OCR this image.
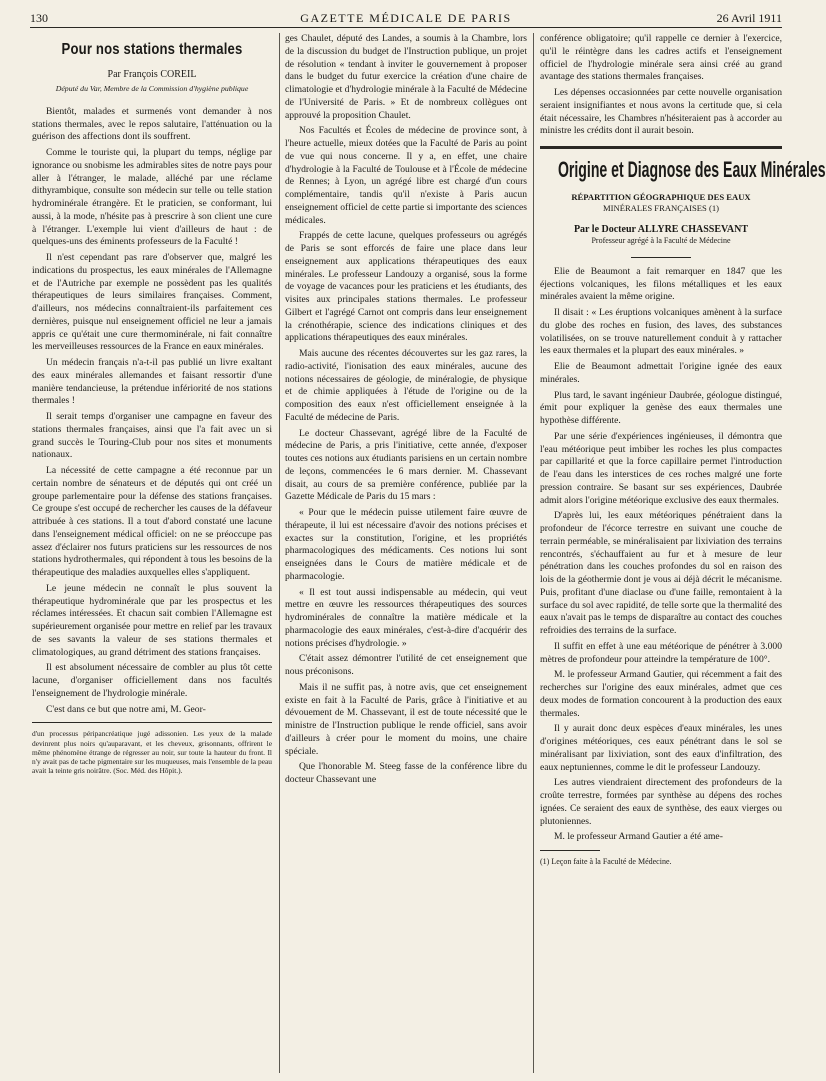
130	GAZETTE MÉDICALE DE PARIS	26 Avril 1911
Pour nos stations thermales
Par François COREIL
Député du Var, Membre de la Commission d'hygiène publique

Bientôt, malades et surmenés vont demander à nos stations thermales, avec le repos salutaire, l'atténuation ou la guérison des affections dont ils souffrent.

Comme le touriste qui, la plupart du temps, néglige par ignorance ou snobisme les admirables sites de notre pays pour aller à l'étranger, le malade, alléché par une réclame dithyrambique, consulte son médecin sur telle ou telle station hydrominérale étrangère. Et le praticien, se conformant, lui aussi, à la mode, n'hésite pas à prescrire à son client une cure à l'étranger. L'exemple lui vient d'ailleurs de haut : de quelques-uns des éminents professeurs de la Faculté !

Il n'est cependant pas rare d'observer que, malgré les indications du prospectus, les eaux minérales de l'Allemagne et de l'Autriche par exemple ne possèdent pas les qualités thérapeutiques de leurs similaires françaises. Comment, d'ailleurs, nos médecins connaîtraient-ils parfaitement ces dernières, puisque nul enseignement officiel ne leur a jamais appris ce qu'était une cure thermominérale, ni fait connaître les merveilleuses ressources de la France en eaux minérales.

Un médecin français n'a-t-il pas publié un livre exaltant des eaux minérales allemandes et faisant ressortir d'une manière tendancieuse, la prétendue infériorité de nos stations thermales !

Il serait temps d'organiser une campagne en faveur des stations thermales françaises, ainsi que l'a fait avec un si grand succès le Touring-Club pour nos sites et monuments nationaux.

La nécessité de cette campagne a été reconnue par un certain nombre de sénateurs et de députés qui ont créé un groupe parlementaire pour la défense des stations françaises. Ce groupe s'est occupé de rechercher les causes de la défaveur attribuée à ces stations. Il a tout d'abord constaté une lacune dans l'enseignement médical officiel: on ne se préoccupe pas assez d'éclairer nos futurs praticiens sur les ressources de nos stations hydrothermales, qui répondent à tous les besoins de la thérapeutique des maladies auxquelles elles s'appliquent.

Le jeune médecin ne connaît le plus souvent la thérapeutique hydrominérale que par les prospectus et les réclames intéressées. Et chacun sait combien l'Allemagne est supérieurement organisée pour mettre en relief par les travaux de ses savants la valeur de ses stations thermales et climatologiques, au grand détriment des stations françaises.

Il est absolument nécessaire de combler au plus tôt cette lacune, d'organiser officiellement dans nos facultés l'enseignement de l'hydrologie minérale.

C'est dans ce but que notre ami, M. Geor-

d'un processus péripancréatique jugé adissonien. Les yeux de la malade devinrent plus noirs qu'auparavant, et les cheveux, grisonnants, offrirent le même phénomène étrange de régresser au noir, sur toute la hauteur du front. Il n'y avait pas de tache pigmentaire sur les muqueuses, mais l'ensemble de la peau avait la teinte gris noirâtre. (Soc. Méd. des Hôpit.).

ges Chaulet, député des Landes, a soumis à la Chambre, lors de la discussion du budget de l'Instruction publique, un projet de résolution « tendant à inviter le gouvernement à proposer dans le budget du futur exercice la création d'une chaire de climatologie et d'hydrologie minérale à la Faculté de Médecine de l'Université de Paris. » Et de nombreux collègues ont approuvé la proposition Chaulet.

Nos Facultés et Écoles de médecine de province sont, à l'heure actuelle, mieux dotées que la Faculté de Paris au point de vue qui nous concerne. Il y a, en effet, une chaire d'hydrologie à la Faculté de Toulouse et à l'École de médecine de Rennes; à Lyon, un agrégé libre est chargé d'un cours complémentaire, tandis qu'il n'existe à Paris aucun enseignement officiel de cette partie si importante des sciences médicales.

Frappés de cette lacune, quelques professeurs ou agrégés de Paris se sont efforcés de faire une place dans leur enseignement aux applications thérapeutiques des eaux minérales. Le professeur Landouzy a organisé, sous la forme de voyage de vacances pour les praticiens et les étudiants, des visites aux principales stations thermales. Le professeur Gilbert et l'agrégé Carnot ont compris dans leur enseignement la crénothérapie, science des indications cliniques et des applications thérapeutiques des eaux minérales.

Mais aucune des récentes découvertes sur les gaz rares, la radio-activité, l'ionisation des eaux minérales, aucune des notions nécessaires de géologie, de minéralogie, de physique et de chimie appliquées à l'étude de l'origine ou de la composition des eaux n'est officiellement enseignée à la Faculté de médecine de Paris.

Le docteur Chassevant, agrégé libre de la Faculté de médecine de Paris, a pris l'initiative, cette année, d'exposer toutes ces notions aux étudiants parisiens en un certain nombre de leçons, commencées le 6 mars dernier. M. Chassevant disait, au cours de sa première conférence, publiée par la Gazette Médicale de Paris du 15 mars :

« Pour que le médecin puisse utilement faire œuvre de thérapeute, il lui est nécessaire d'avoir des notions précises et exactes sur la constitution, l'origine, et les propriétés pharmacologiques des médicaments. Ces notions lui sont enseignées dans le Cours de matière médicale et de pharmacologie.

« Il est tout aussi indispensable au médecin, qui veut mettre en œuvre les ressources thérapeutiques des sources hydrominérales de connaître la matière médicale et la pharmacologie des eaux minérales, c'est-à-dire d'acquérir des notions précises d'hydrologie. »

C'était assez démontrer l'utilité de cet enseignement que nous préconisons.

Mais il ne suffit pas, à notre avis, que cet enseignement existe en fait à la Faculté de Paris, grâce à l'initiative et au dévouement de M. Chassevant, il est de toute nécessité que le ministre de l'Instruction publique le rende officiel, sans avoir d'ailleurs à créer pour le moment du moins, une chaire spéciale.

Que l'honorable M. Steeg fasse de la conférence libre du docteur Chassevant une

conférence obligatoire; qu'il rappelle ce dernier à l'exercice, qu'il le réintègre dans les cadres actifs et l'enseignement officiel de l'hydrologie minérale sera ainsi créé au grand avantage des stations thermales françaises.

Les dépenses occasionnées par cette nouvelle organisation seraient insignifiantes et nous avons la certitude que, si cela était nécessaire, les Chambres n'hésiteraient pas à accorder au ministre les crédits dont il aurait besoin.

Origine et Diagnose des Eaux Minérales
RÉPARTITION GÉOGRAPHIQUE DES EAUX
MINÉRALES FRANÇAISES (1)
Par le Docteur ALLYRE CHASSEVANT
Professeur agrégé à la Faculté de Médecine

Elie de Beaumont a fait remarquer en 1847 que les éjections volcaniques, les filons métalliques et les eaux minérales avaient la même origine.

Il disait : « Les éruptions volcaniques amènent à la surface du globe des roches en fusion, des laves, des substances volatilisées, on se trouve naturellement conduit à y rattacher les eaux thermales et la plupart des eaux minérales. »

Elie de Beaumont admettait l'origine ignée des eaux minérales.

Plus tard, le savant ingénieur Daubrée, géologue distingué, émit pour expliquer la genèse des eaux thermales une hypothèse différente.

Par une série d'expériences ingénieuses, il démontra que l'eau météorique peut imbiber les roches les plus compactes par capillarité et que la force capillaire permet l'introduction de l'eau dans les interstices de ces roches malgré une forte pression contraire. Se basant sur ses expériences, Daubrée admit alors l'origine météorique exclusive des eaux thermales.

D'après lui, les eaux météoriques pénétraient dans la profondeur de l'écorce terrestre en suivant une couche de terrain perméable, se minéralisaient par lixiviation des terrains rencontrés, s'échauffaient au fur et à mesure de leur pénétration dans les couches profondes du sol en raison des lois de la géothermie dont je vous ai déjà décrit le mécanisme. Puis, profitant d'une diaclase ou d'une faille, remontaient à la surface du sol avec rapidité, de telle sorte que la thermalité des eaux n'avait pas le temps de disparaître au contact des couches refroidies des terrains de la surface.

Il suffit en effet à une eau météorique de pénétrer à 3.000 mètres de profondeur pour atteindre la température de 100°.

M. le professeur Armand Gautier, qui récemment a fait des recherches sur l'origine des eaux minérales, admet que ces deux modes de formation concourent à la production des eaux thermales.

Il y aurait donc deux espèces d'eaux minérales, les unes d'origines météoriques, ces eaux pénétrant dans le sol se minéralisant par lixiviation, sont des eaux d'infiltration, des eaux neptuniennes, comme le dit le professeur Landouzy.

Les autres viendraient directement des profondeurs de la croûte terrestre, formées par synthèse au dépens des roches ignées. Ce seraient des eaux de synthèse, des eaux vierges ou plutoniennes.

M. le professeur Armand Gautier a été ame-

(1) Leçon faite à la Faculté de Médecine.
